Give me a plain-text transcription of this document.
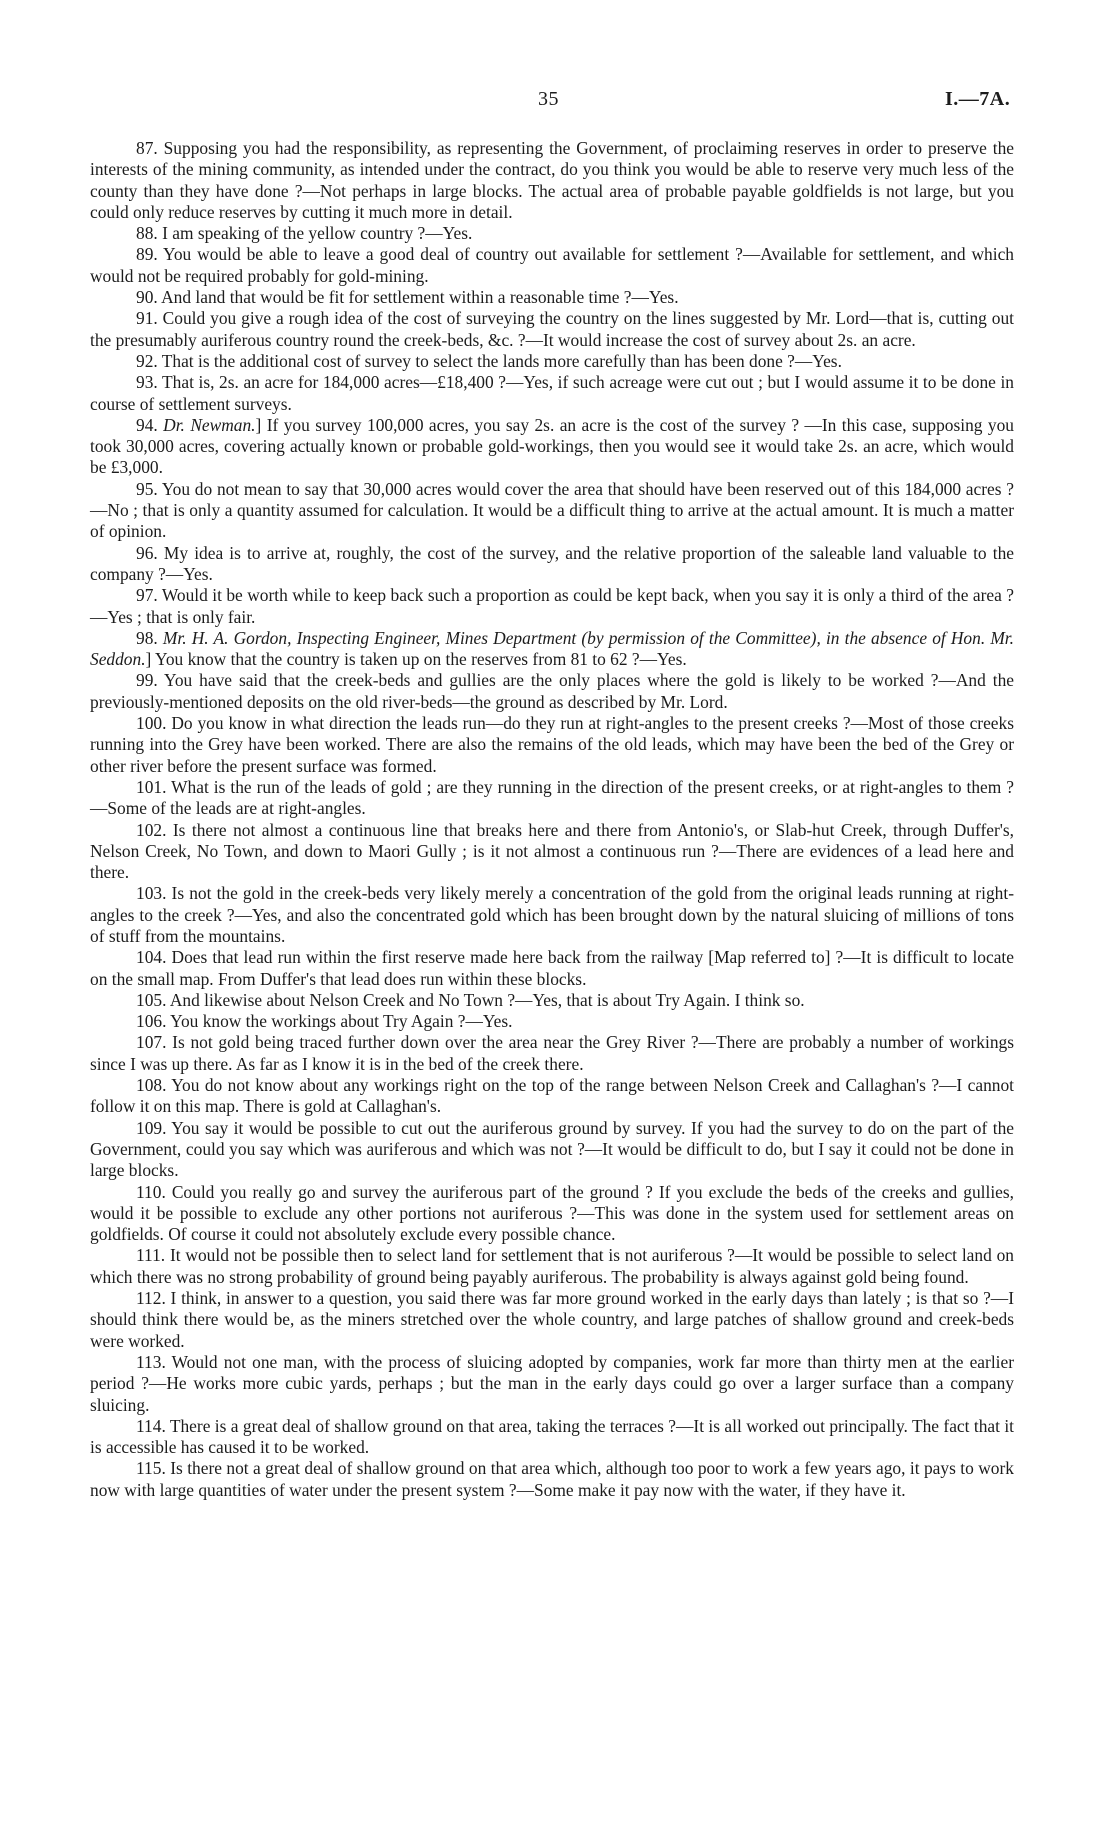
35	I.—7A.

87. Supposing you had the responsibility, as representing the Government, of proclaiming reserves in order to preserve the interests of the mining community, as intended under the contract, do you think you would be able to reserve very much less of the county than they have done ?—Not perhaps in large blocks. The actual area of probable payable goldfields is not large, but you could only reduce reserves by cutting it much more in detail.

88. I am speaking of the yellow country ?—Yes.

89. You would be able to leave a good deal of country out available for settlement ?—Available for settlement, and which would not be required probably for gold-mining.

90. And land that would be fit for settlement within a reasonable time ?—Yes.

91. Could you give a rough idea of the cost of surveying the country on the lines suggested by Mr. Lord—that is, cutting out the presumably auriferous country round the creek-beds, &c. ?—It would increase the cost of survey about 2s. an acre.

92. That is the additional cost of survey to select the lands more carefully than has been done ?—Yes.

93. That is, 2s. an acre for 184,000 acres—£18,400 ?—Yes, if such acreage were cut out ; but I would assume it to be done in course of settlement surveys.

94. Dr. Newman.] If you survey 100,000 acres, you say 2s. an acre is the cost of the survey ? —In this case, supposing you took 30,000 acres, covering actually known or probable gold-workings, then you would see it would take 2s. an acre, which would be £3,000.

95. You do not mean to say that 30,000 acres would cover the area that should have been reserved out of this 184,000 acres ?—No ; that is only a quantity assumed for calculation. It would be a difficult thing to arrive at the actual amount. It is much a matter of opinion.

96. My idea is to arrive at, roughly, the cost of the survey, and the relative proportion of the saleable land valuable to the company ?—Yes.

97. Would it be worth while to keep back such a proportion as could be kept back, when you say it is only a third of the area ?—Yes ; that is only fair.

98. Mr. H. A. Gordon, Inspecting Engineer, Mines Department (by permission of the Committee), in the absence of Hon. Mr. Seddon.] You know that the country is taken up on the reserves from 81 to 62 ?—Yes.

99. You have said that the creek-beds and gullies are the only places where the gold is likely to be worked ?—And the previously-mentioned deposits on the old river-beds—the ground as described by Mr. Lord.

100. Do you know in what direction the leads run—do they run at right-angles to the present creeks ?—Most of those creeks running into the Grey have been worked. There are also the remains of the old leads, which may have been the bed of the Grey or other river before the present surface was formed.

101. What is the run of the leads of gold ; are they running in the direction of the present creeks, or at right-angles to them ?—Some of the leads are at right-angles.

102. Is there not almost a continuous line that breaks here and there from Antonio's, or Slab-hut Creek, through Duffer's, Nelson Creek, No Town, and down to Maori Gully ; is it not almost a continuous run ?—There are evidences of a lead here and there.

103. Is not the gold in the creek-beds very likely merely a concentration of the gold from the original leads running at right-angles to the creek ?—Yes, and also the concentrated gold which has been brought down by the natural sluicing of millions of tons of stuff from the mountains.

104. Does that lead run within the first reserve made here back from the railway [Map referred to] ?—It is difficult to locate on the small map. From Duffer's that lead does run within these blocks.

105. And likewise about Nelson Creek and No Town ?—Yes, that is about Try Again. I think so.

106. You know the workings about Try Again ?—Yes.

107. Is not gold being traced further down over the area near the Grey River ?—There are probably a number of workings since I was up there. As far as I know it is in the bed of the creek there.

108. You do not know about any workings right on the top of the range between Nelson Creek and Callaghan's ?—I cannot follow it on this map. There is gold at Callaghan's.

109. You say it would be possible to cut out the auriferous ground by survey. If you had the survey to do on the part of the Government, could you say which was auriferous and which was not ?—It would be difficult to do, but I say it could not be done in large blocks.

110. Could you really go and survey the auriferous part of the ground ? If you exclude the beds of the creeks and gullies, would it be possible to exclude any other portions not auriferous ?—This was done in the system used for settlement areas on goldfields. Of course it could not absolutely exclude every possible chance.

111. It would not be possible then to select land for settlement that is not auriferous ?—It would be possible to select land on which there was no strong probability of ground being payably auriferous. The probability is always against gold being found.

112. I think, in answer to a question, you said there was far more ground worked in the early days than lately ; is that so ?—I should think there would be, as the miners stretched over the whole country, and large patches of shallow ground and creek-beds were worked.

113. Would not one man, with the process of sluicing adopted by companies, work far more than thirty men at the earlier period ?—He works more cubic yards, perhaps ; but the man in the early days could go over a larger surface than a company sluicing.

114. There is a great deal of shallow ground on that area, taking the terraces ?—It is all worked out principally. The fact that it is accessible has caused it to be worked.

115. Is there not a great deal of shallow ground on that area which, although too poor to work a few years ago, it pays to work now with large quantities of water under the present system ?—Some make it pay now with the water, if they have it.
